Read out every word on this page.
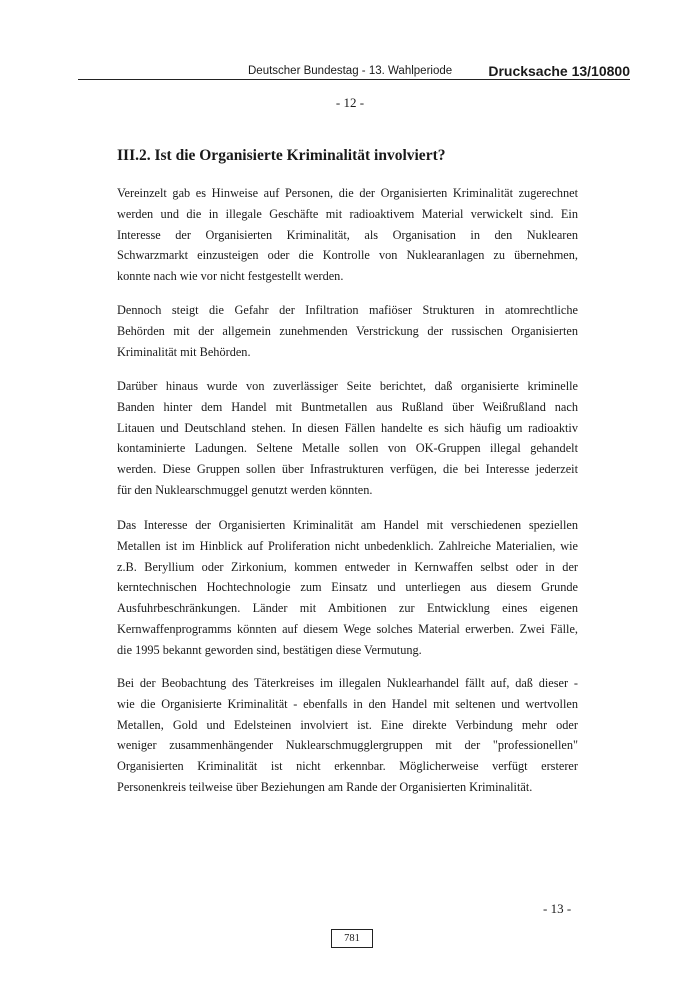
Deutscher Bundestag - 13. Wahlperiode	Drucksache 13/10800
- 12 -
III.2. Ist die Organisierte Kriminalität involviert?
Vereinzelt gab es Hinweise auf Personen, die der Organisierten Kriminalität zugerechnet
werden und die in illegale Geschäfte mit radioaktivem Material verwickelt sind. Ein
Interesse der Organisierten Kriminalität, als Organisation in den Nuklearen
Schwarzmarkt einzusteigen oder die Kontrolle von Nuklearanlagen zu übernehmen,
konnte nach wie vor nicht festgestellt werden.
Dennoch steigt die Gefahr der Infiltration mafiöser Strukturen in atomrechtliche
Behörden mit der allgemein zunehmenden Verstrickung der russischen Organisierten
Kriminalität mit Behörden.
Darüber hinaus wurde von zuverlässiger Seite berichtet, daß organisierte kriminelle
Banden hinter dem Handel mit Buntmetallen aus Rußland über Weißrußland nach
Litauen und Deutschland stehen. In diesen Fällen handelte es sich häufig um radioaktiv
kontaminierte Ladungen. Seltene Metalle sollen von OK-Gruppen illegal gehandelt
werden. Diese Gruppen sollen über Infrastrukturen verfügen, die bei Interesse jederzeit
für den Nuklearschmuggel genutzt werden könnten.
Das Interesse der Organisierten Kriminalität am Handel mit verschiedenen speziellen
Metallen ist im Hinblick auf Proliferation nicht unbedenklich. Zahlreiche Materialien, wie
z.B. Beryllium oder Zirkonium, kommen entweder in Kernwaffen selbst oder in der
kerntechnischen Hochtechnologie zum Einsatz und unterliegen aus diesem Grunde
Ausfuhrbeschränkungen. Länder mit Ambitionen zur Entwicklung eines eigenen
Kernwaffenprogramms könnten auf diesem Wege solches Material erwerben. Zwei Fälle,
die 1995 bekannt geworden sind, bestätigen diese Vermutung.
Bei der Beobachtung des Täterkreises im illegalen Nuklearhandel fällt auf, daß dieser -
wie die Organisierte Kriminalität - ebenfalls in den Handel mit seltenen und wertvollen
Metallen, Gold und Edelsteinen involviert ist. Eine direkte Verbindung mehr oder
weniger zusammenhängender Nuklearschmugglergruppen mit der "professionellen"
Organisierten Kriminalität ist nicht erkennbar. Möglicherweise verfügt ersterer
Personenkreis teilweise über Beziehungen am Rande der Organisierten Kriminalität.
- 13 -
781
